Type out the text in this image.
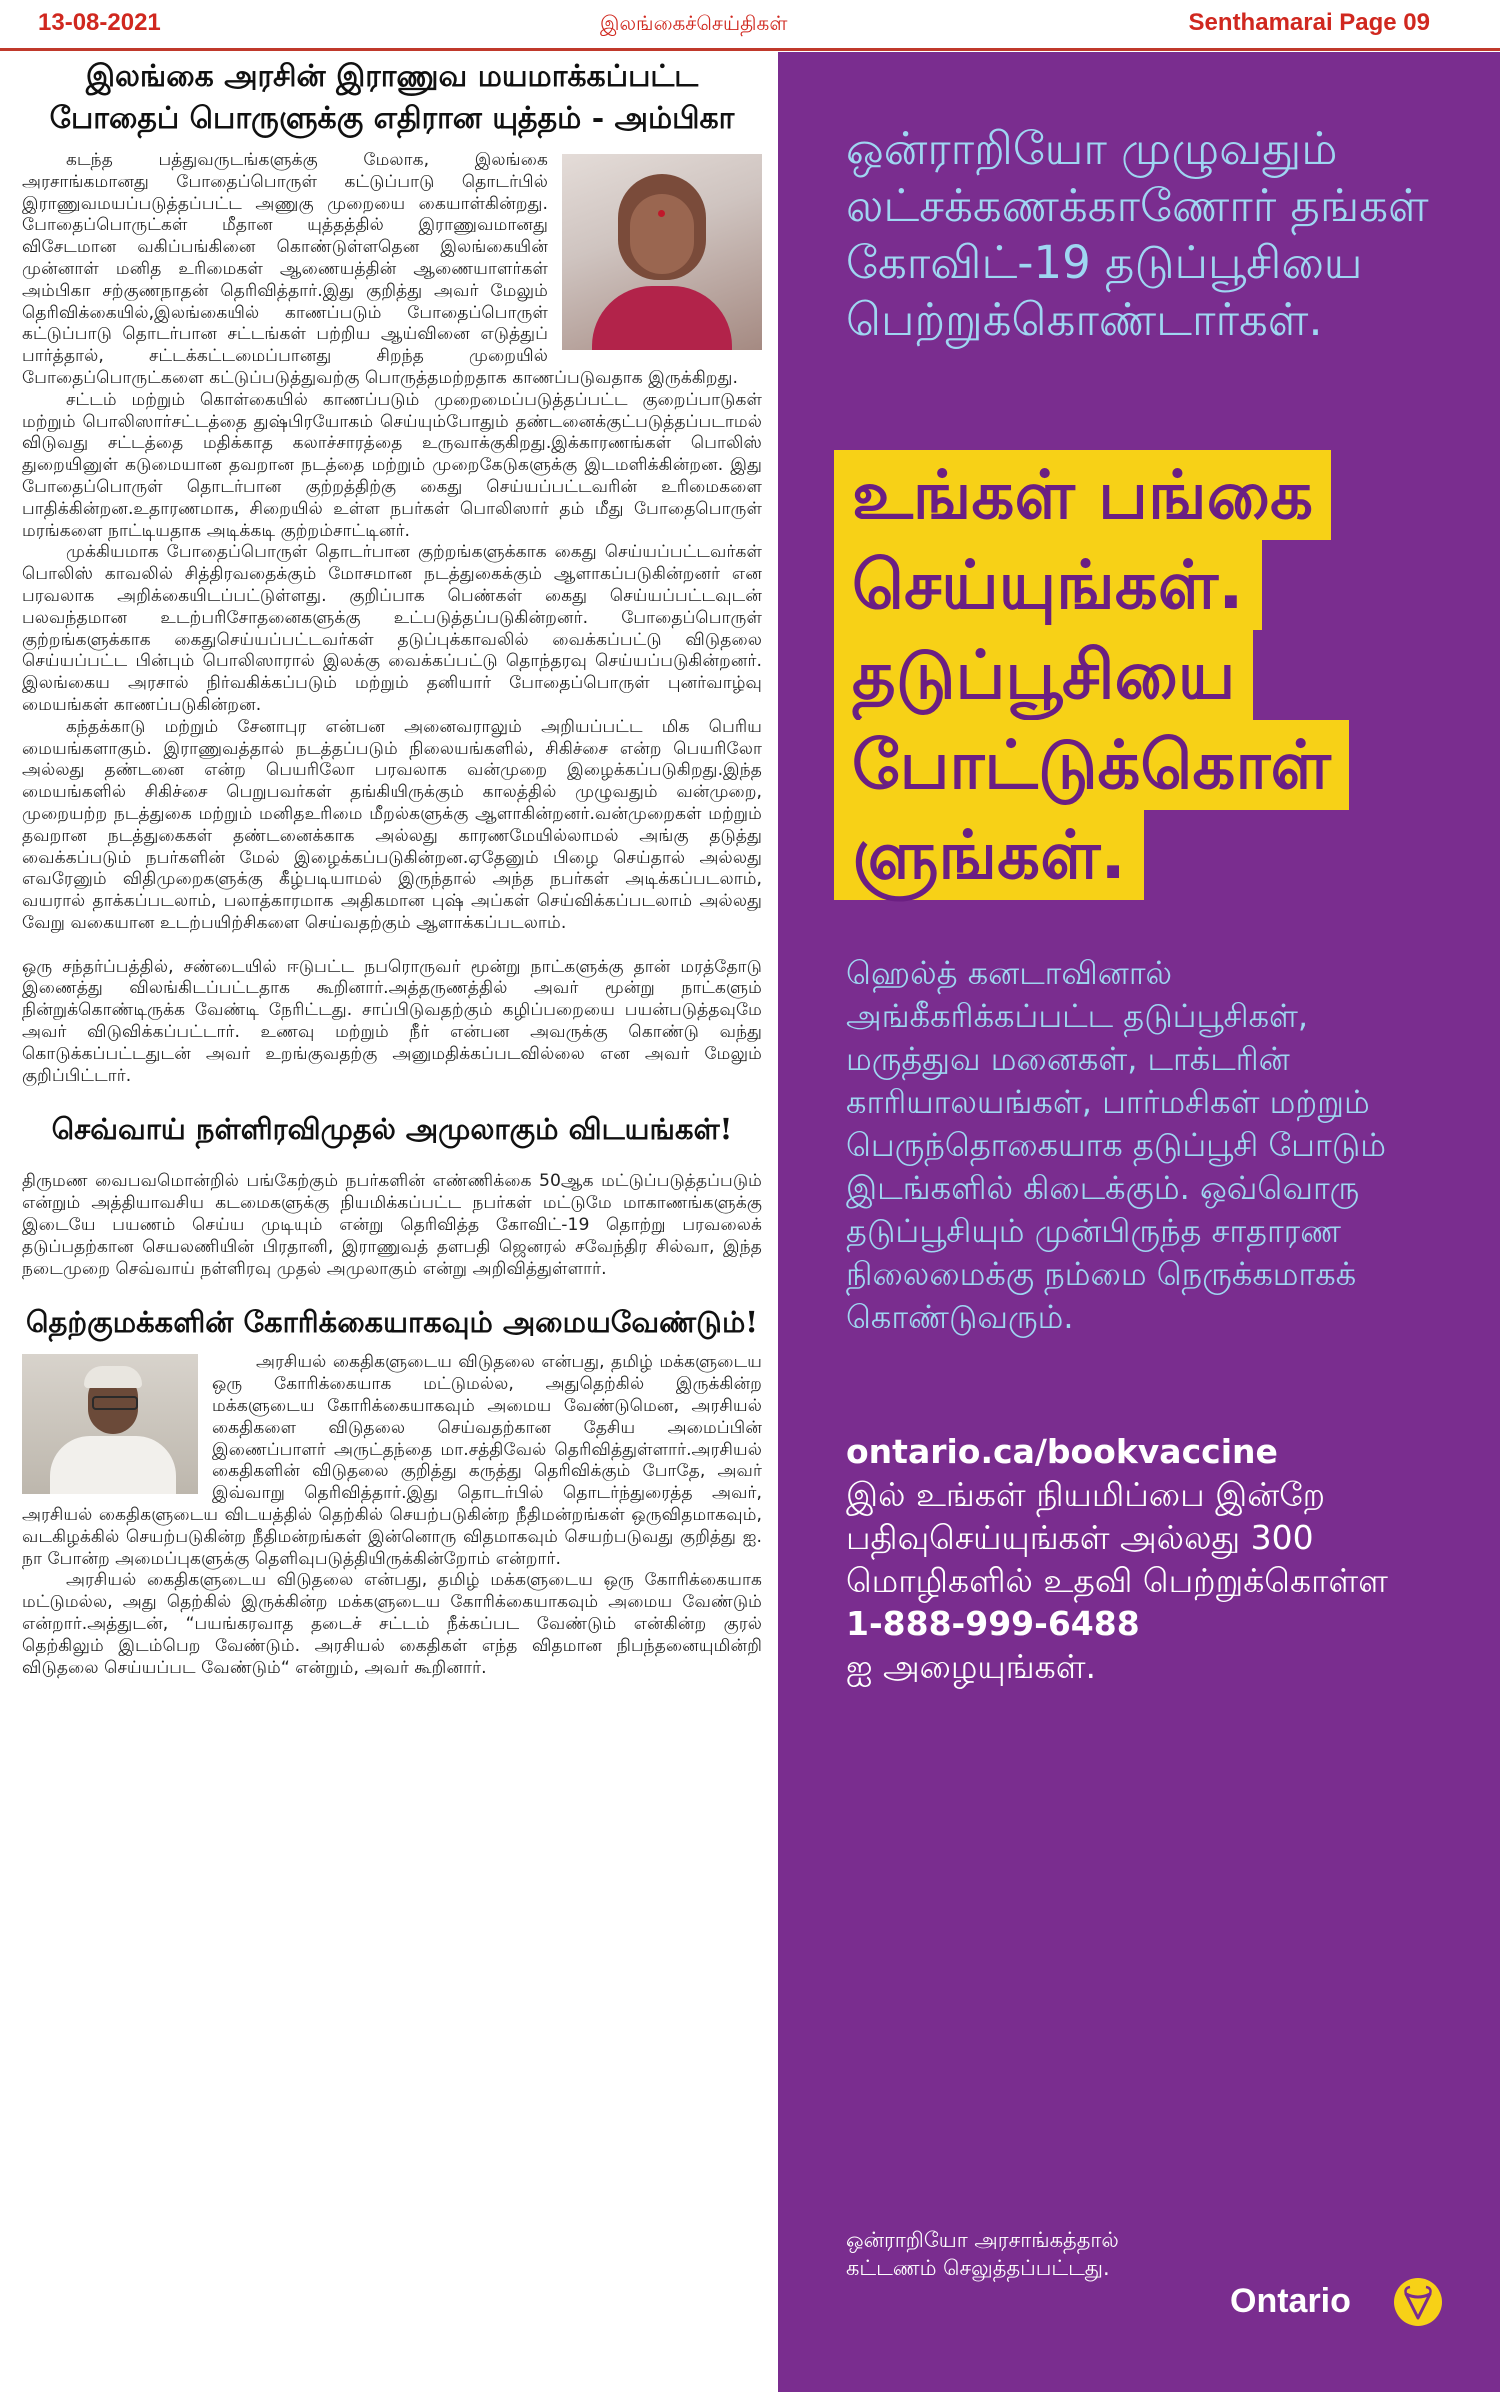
13-08-2021	இலங்கைச்செய்திகள்	Senthamarai Page 09
இலங்கை அரசின் இராணுவ மயமாக்கப்பட்ட
போதைப் பொருளுக்கு எதிரான யுத்தம் - அம்பிகா

கடந்த பத்துவருடங்களுக்கு மேலாக, இலங்கை அரசாங்கமானது போதைப்பொருள் கட்டுப்பாடு தொடர்பில் இராணுவமயப்படுத்தப்பட்ட அணுகு முறையை கையாள்கின்றது. போதைப்பொருட்கள் மீதான யுத்தத்தில் இராணுவமானது விசேடமான வகிப்பங்கினை கொண்டுள்ளதென இலங்கையின் முன்னாள் மனித உரிமைகள் ஆணையத்தின் ஆணையாளர்கள் அம்பிகா சற்குணநாதன் தெரிவித்தார்.இது குறித்து அவர் மேலும் தெரிவிக்கையில்,இலங்கையில் காணப்படும் போதைப்பொருள் கட்டுப்பாடு தொடர்பான சட்டங்கள் பற்றிய ஆய்வினை எடுத்துப் பார்த்தால், சட்டக்கட்டமைப்பானது சிறந்த முறையில் போதைப்பொருட்களை கட்டுப்படுத்துவற்கு பொருத்தமற்றதாக காணப்படுவதாக இருக்கிறது.

சட்டம் மற்றும் கொள்கையில் காணப்படும் முறைமைப்படுத்தப்பட்ட குறைப்பாடுகள் மற்றும் பொலிஸார்சட்டத்தை துஷ்பிரயோகம் செய்யும்போதும் தண்டனைக்குட்படுத்தப்படாமல் விடுவது சட்டத்தை மதிக்காத கலாச்சாரத்தை உருவாக்குகிறது.இக்காரணங்கள் பொலிஸ் துறையினுள் கடுமையான தவறான நடத்தை மற்றும் முறைகேடுகளுக்கு இடமளிக்கின்றன. இது போதைப்பொருள் தொடர்பான குற்றத்திற்கு கைது செய்யப்பட்டவரின் உரிமைகளை பாதிக்கின்றன.உதாரணமாக, சிறையில் உள்ள நபர்கள் பொலிஸார் தம் மீது போதைபொருள் மரங்களை நாட்டியதாக அடிக்கடி குற்றம்சாட்டினர்.

முக்கியமாக போதைப்பொருள் தொடர்பான குற்றங்களுக்காக கைது செய்யப்பட்டவர்கள் பொலிஸ் காவலில் சித்திரவதைக்கும் மோசமான நடத்துகைக்கும் ஆளாகப்படுகின்றனர் என பரவலாக அறிக்கையிடப்பட்டுள்ளது. குறிப்பாக பெண்கள் கைது செய்யப்பட்டவுடன் பலவந்தமான உடற்பரிசோதனைகளுக்கு உட்படுத்தப்படுகின்றனர். போதைப்பொருள் குற்றங்களுக்காக கைதுசெய்யப்பட்டவர்கள் தடுப்புக்காவலில் வைக்கப்பட்டு விடுதலை செய்யப்பட்ட பின்பும் பொலிஸாரால் இலக்கு வைக்கப்பட்டு தொந்தரவு செய்யப்படுகின்றனர். இலங்கைய அரசால் நிர்வகிக்கப்படும் மற்றும் தனியார் போதைப்பொருள் புனர்வாழ்வு மையங்கள் காணப்படுகின்றன.

கந்தக்காடு மற்றும் சேனாபுர என்பன அனைவராலும் அறியப்பட்ட மிக பெரிய மையங்களாகும். இராணுவத்தால் நடத்தப்படும் நிலையங்களில், சிகிச்சை என்ற பெயரிலோ அல்லது தண்டனை என்ற பெயரிலோ பரவலாக வன்முறை இழைக்கப்படுகிறது.இந்த மையங்களில் சிகிச்சை பெறுபவர்கள் தங்கியிருக்கும் காலத்தில் முழுவதும் வன்முறை, முறையற்ற நடத்துகை மற்றும் மனிதஉரிமை மீறல்களுக்கு ஆளாகின்றனர்.வன்முறைகள் மற்றும் தவறான நடத்துகைகள் தண்டனைக்காக அல்லது காரணமேயில்லாமல் அங்கு தடுத்து வைக்கப்படும் நபர்களின் மேல் இழைக்கப்படுகின்றன.ஏதேனும் பிழை செய்தால் அல்லது எவரேனும் விதிமுறைகளுக்கு கீழ்படியாமல் இருந்தால் அந்த நபர்கள் அடிக்கப்படலாம், வயரால் தாக்கப்படலாம், பலாத்காரமாக அதிகமான புஷ் அப்கள் செய்விக்கப்படலாம் அல்லது வேறு வகையான உடற்பயிற்சிகளை செய்வதற்கும் ஆளாக்கப்படலாம்.

ஒரு சந்தர்ப்பத்தில், சண்டையில் ஈடுபட்ட நபரொருவர் மூன்று நாட்களுக்கு தான் மரத்தோடு இணைத்து விலங்கிடப்பட்டதாக கூறினார்.அத்தருணத்தில் அவர் மூன்று நாட்களும் நின்றுக்கொண்டிருக்க வேண்டி நேரிட்டது. சாப்பிடுவதற்கும் கழிப்பறையை பயன்படுத்தவுமே அவர் விடுவிக்கப்பட்டார். உணவு மற்றும் நீர் என்பன அவருக்கு கொண்டு வந்து கொடுக்கப்பட்டதுடன் அவர் உறங்குவதற்கு அனுமதிக்கப்படவில்லை என அவர் மேலும் குறிப்பிட்டார்.

செவ்வாய் நள்ளிரவிமுதல் அமுலாகும் விடயங்கள்!

திருமண வைபவமொன்றில் பங்கேற்கும் நபர்களின் எண்ணிக்கை 50ஆக மட்டுப்படுத்தப்படும் என்றும் அத்தியாவசிய கடமைகளுக்கு நியமிக்கப்பட்ட நபர்கள் மட்டுமே மாகாணங்களுக்கு இடையே பயணம் செய்ய முடியும் என்று தெரிவித்த கோவிட்-19 தொற்று பரவலைக் தடுப்பதற்கான செயலணியின் பிரதானி, இராணுவத் தளபதி ஜெனரல் சவேந்திர சில்வா, இந்த நடைமுறை செவ்வாய் நள்ளிரவு முதல் அமுலாகும் என்று அறிவித்துள்ளார்.

தெற்குமக்களின் கோரிக்கையாகவும் அமையவேண்டும்!

அரசியல் கைதிகளுடைய விடுதலை என்பது, தமிழ் மக்களுடைய ஒரு கோரிக்கையாக மட்டுமல்ல, அதுதெற்கில் இருக்கின்ற மக்களுடைய கோரிக்கையாகவும் அமைய வேண்டுமென, அரசியல் கைதிகளை விடுதலை செய்வதற்கான தேசிய அமைப்பின் இணைப்பாளர் அருட்தந்தை மா.சத்திவேல் தெரிவித்துள்ளார்.அரசியல் கைதிகளின் விடுதலை குறித்து கருத்து தெரிவிக்கும் போதே, அவர் இவ்வாறு தெரிவித்தார்.இது தொடர்பில் தொடர்ந்துரைத்த அவர், அரசியல் கைதிகளுடைய விடயத்தில் தெற்கில் செயற்படுகின்ற நீதிமன்றங்கள் ஒருவிதமாகவும், வடகிழக்கில் செயற்படுகின்ற நீதிமன்றங்கள் இன்னொரு விதமாகவும் செயற்படுவது குறித்து ஐ. நா போன்ற அமைப்புகளுக்கு தெளிவுபடுத்தியிருக்கின்றோம் என்றார்.

அரசியல் கைதிகளுடைய விடுதலை என்பது, தமிழ் மக்களுடைய ஒரு கோரிக்கையாக மட்டுமல்ல, அது தெற்கில் இருக்கின்ற மக்களுடைய கோரிக்கையாகவும் அமைய வேண்டும் என்றார்.அத்துடன், “பயங்கரவாத தடைச் சட்டம் நீக்கப்பட வேண்டும் என்கின்ற குரல் தெற்கிலும் இடம்பெற வேண்டும். அரசியல் கைதிகள் எந்த விதமான நிபந்தனையுமின்றி விடுதலை செய்யப்பட வேண்டும்“ என்றும், அவர் கூறினார்.

ஒன்ராறியோ முழுவதும் லட்சக்கணக்காணோர் தங்கள் கோவிட்-19 தடுப்பூசியை பெற்றுக்கொண்டார்கள்.
உங்கள் பங்கை
செய்யுங்கள்.
தடுப்பூசியை
போட்டுக்கொள்
ளுங்கள்.
ஹெல்த் கனடாவினால் அங்கீகரிக்கப்பட்ட தடுப்பூசிகள், மருத்துவ மனைகள், டாக்டரின் காரியாலயங்கள், பார்மசிகள் மற்றும் பெருந்தொகையாக தடுப்பூசி போடும் இடங்களில் கிடைக்கும். ஒவ்வொரு தடுப்பூசியும் முன்பிருந்த சாதாரண நிலைமைக்கு நம்மை நெருக்கமாகக் கொண்டுவரும்.
ontario.ca/bookvaccine
இல் உங்கள் நியமிப்பை இன்றே பதிவுசெய்யுங்கள் அல்லது 300 மொழிகளில் உதவி பெற்றுக்கொள்ள
1-888-999-6488
ஐ அழையுங்கள்.
ஒன்ராறியோ அரசாங்கத்தால் கட்டணம் செலுத்தப்பட்டது.
Ontario
